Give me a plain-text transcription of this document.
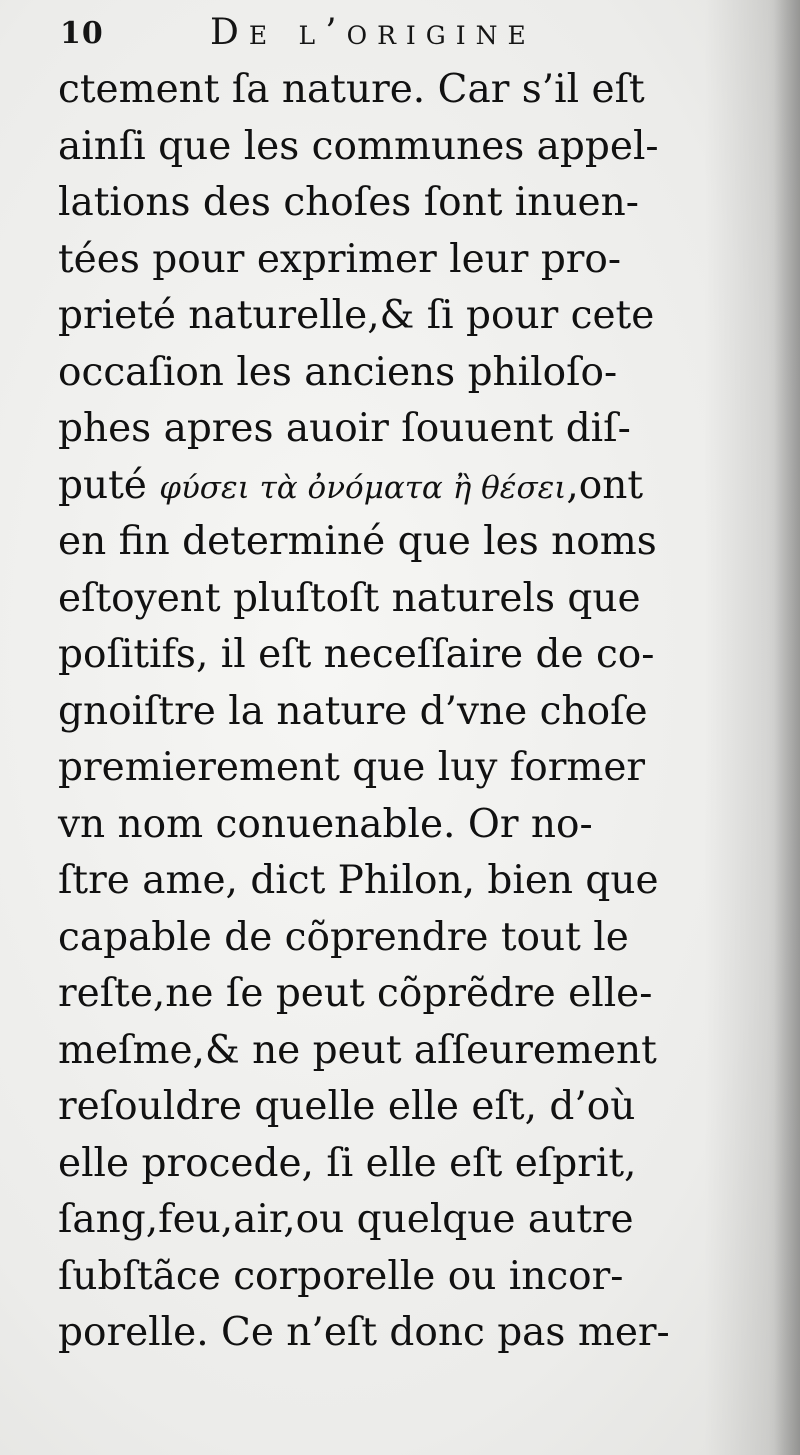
10	De l’origine
ctement ſa nature. Car s’il eſt
ainſi que les communes appel-
lations des choſes ſont inuen-
tées pour exprimer leur pro-
prieté naturelle,& ſi pour cete
occaſion les anciens philoſo-
phes apres auoir ſouuent diſ-
puté φύσει τὰ ὀνόματα ἢ θέσει,ont
en fin determiné que les noms
eſtoyent pluſtoſt naturels que
poſitifs, il eſt neceſſaire de co-
gnoiſtre la nature d’vne choſe
premierement que luy former
vn nom conuenable. Or no-
ſtre ame, dict Philon, bien que
capable de cõprendre tout le
reſte,ne ſe peut cõprẽdre elle-
meſme,& ne peut aſſeurement
reſouldre quelle elle eſt, d’où
elle procede, ſi elle eſt eſprit,
ſang,feu,air,ou quelque autre
ſubſtãce corporelle ou incor-
porelle. Ce n’eſt donc pas mer-
